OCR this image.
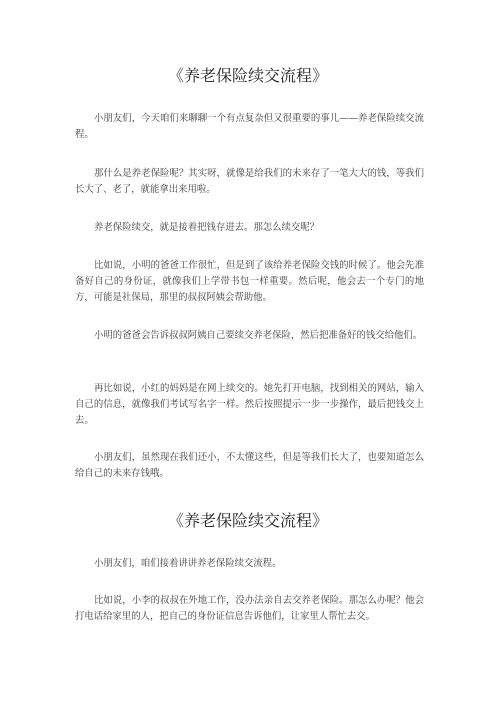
《养老保险续交流程》

小朋友们，今天咱们来聊聊一个有点复杂但又很重要的事儿——养老保险续交流程。

那什么是养老保险呢？其实呀，就像是给我们的未来存了一笔大大的钱，等我们长大了、老了，就能拿出来用啦。

养老保险续交，就是接着把钱存进去。那怎么续交呢？

比如说，小明的爸爸工作很忙，但是到了该给养老保险交钱的时候了。他会先准备好自己的身份证，就像我们上学带书包一样重要。然后呢，他会去一个专门的地方，可能是社保局，那里的叔叔阿姨会帮助他。

小明的爸爸会告诉叔叔阿姨自己要续交养老保险，然后把准备好的钱交给他们。

再比如说，小红的妈妈是在网上续交的。她先打开电脑，找到相关的网站，输入自己的信息，就像我们考试写名字一样。然后按照提示一步一步操作，最后把钱交上去。

小朋友们，虽然现在我们还小，不太懂这些，但是等我们长大了，也要知道怎么给自己的未来存钱哦。

《养老保险续交流程》

小朋友们，咱们接着讲讲养老保险续交流程。

比如说，小李的叔叔在外地工作，没办法亲自去交养老保险。那怎么办呢？他会打电话给家里的人，把自己的身份证信息告诉他们，让家里人帮忙去交。
